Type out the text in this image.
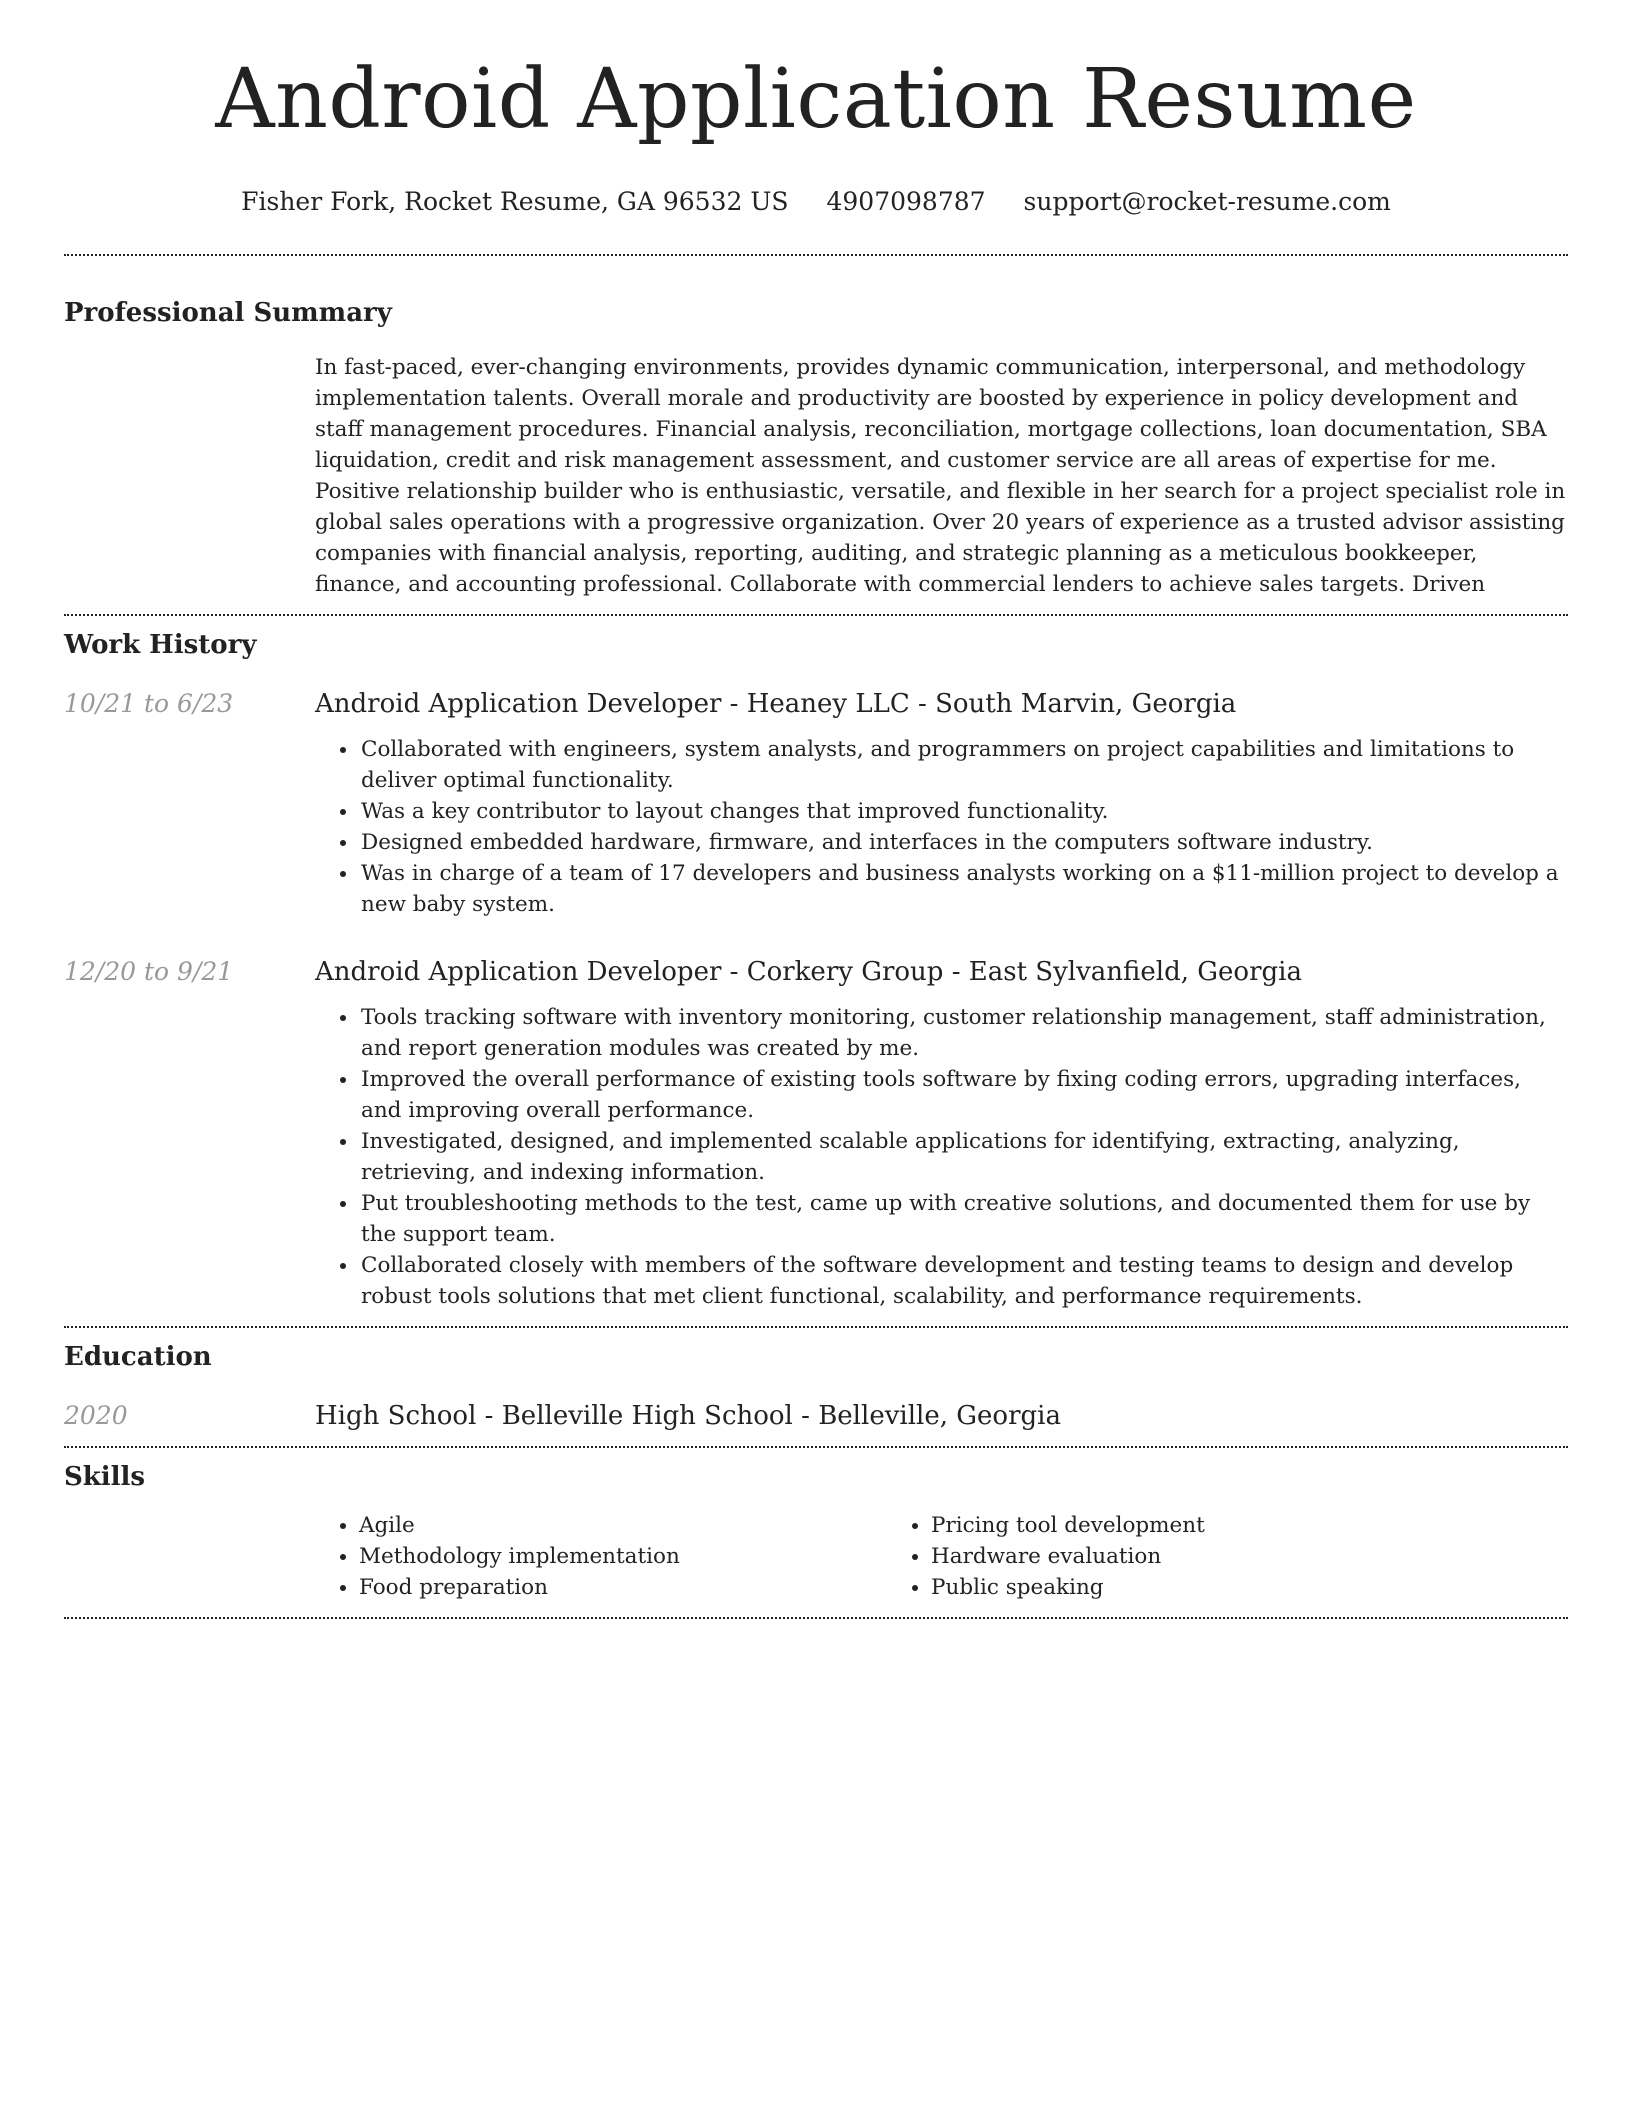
Android Application Resume
Fisher Fork, Rocket Resume, GA 96532 US 4907098787 support@rocket-resume.com
Professional Summary
In fast-paced, ever-changing environments, provides dynamic communication, interpersonal, and methodology implementation talents. Overall morale and productivity are boosted by experience in policy development and staff management procedures. Financial analysis, reconciliation, mortgage collections, loan documentation, SBA liquidation, credit and risk management assessment, and customer service are all areas of expertise for me. Positive relationship builder who is enthusiastic, versatile, and flexible in her search for a project specialist role in global sales operations with a progressive organization. Over 20 years of experience as a trusted advisor assisting companies with financial analysis, reporting, auditing, and strategic planning as a meticulous bookkeeper, finance, and accounting professional. Collaborate with commercial lenders to achieve sales targets. Driven
Work History
10/21 to 6/23	Android Application Developer - Heaney LLC - South Marvin, Georgia
• Collaborated with engineers, system analysts, and programmers on project capabilities and limitations to deliver optimal functionality.
• Was a key contributor to layout changes that improved functionality.
• Designed embedded hardware, firmware, and interfaces in the computers software industry.
• Was in charge of a team of 17 developers and business analysts working on a $11-million project to develop a new baby system.
12/20 to 9/21	Android Application Developer - Corkery Group - East Sylvanfield, Georgia
• Tools tracking software with inventory monitoring, customer relationship management, staff administration, and report generation modules was created by me.
• Improved the overall performance of existing tools software by fixing coding errors, upgrading interfaces, and improving overall performance.
• Investigated, designed, and implemented scalable applications for identifying, extracting, analyzing, retrieving, and indexing information.
• Put troubleshooting methods to the test, came up with creative solutions, and documented them for use by the support team.
• Collaborated closely with members of the software development and testing teams to design and develop robust tools solutions that met client functional, scalability, and performance requirements.
Education
2020	High School - Belleville High School - Belleville, Georgia
Skills
• Agile
• Methodology implementation
• Food preparation
• Pricing tool development
• Hardware evaluation
• Public speaking
